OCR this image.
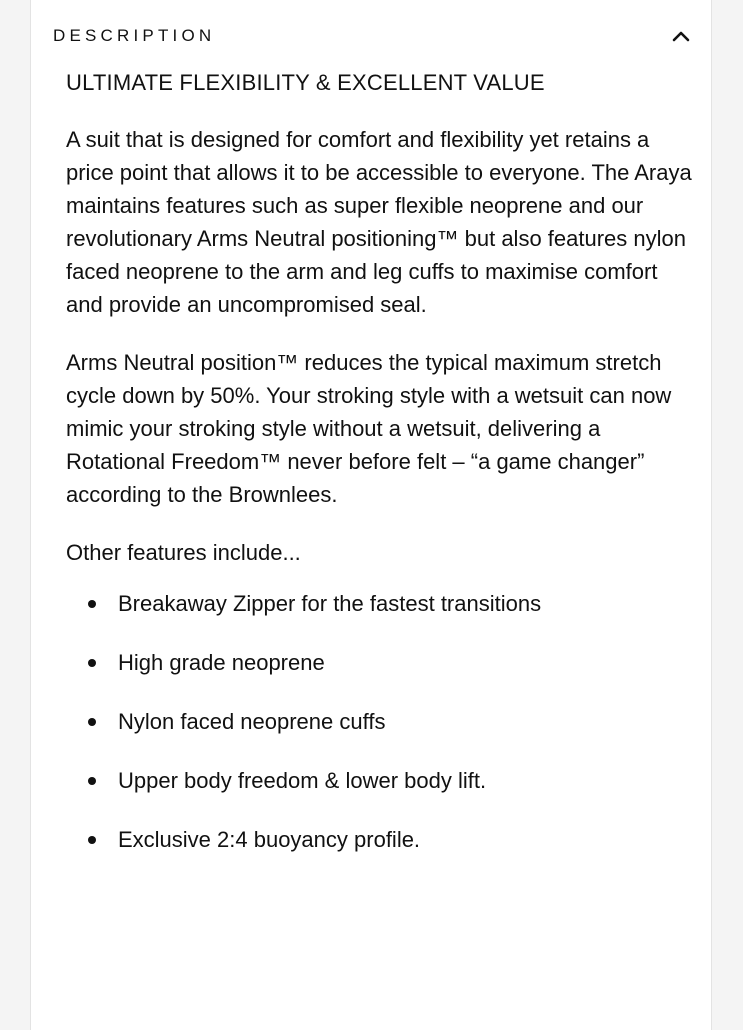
DESCRIPTION
ULTIMATE FLEXIBILITY & EXCELLENT VALUE

A suit that is designed for comfort and flexibility yet retains a price point that allows it to be accessible to everyone. The Araya maintains features such as super flexible neoprene and our revolutionary Arms Neutral positioning™ but also features nylon faced neoprene to the arm and leg cuffs to maximise comfort and provide an uncompromised seal.

Arms Neutral position™ reduces the typical maximum stretch cycle down by 50%. Your stroking style with a wetsuit can now mimic your stroking style without a wetsuit, delivering a Rotational Freedom™ never before felt – “a game changer” according to the Brownlees.

Other features include...

Breakaway Zipper for the fastest transitions
High grade neoprene
Nylon faced neoprene cuffs
Upper body freedom & lower body lift.
Exclusive 2:4 buoyancy profile.
